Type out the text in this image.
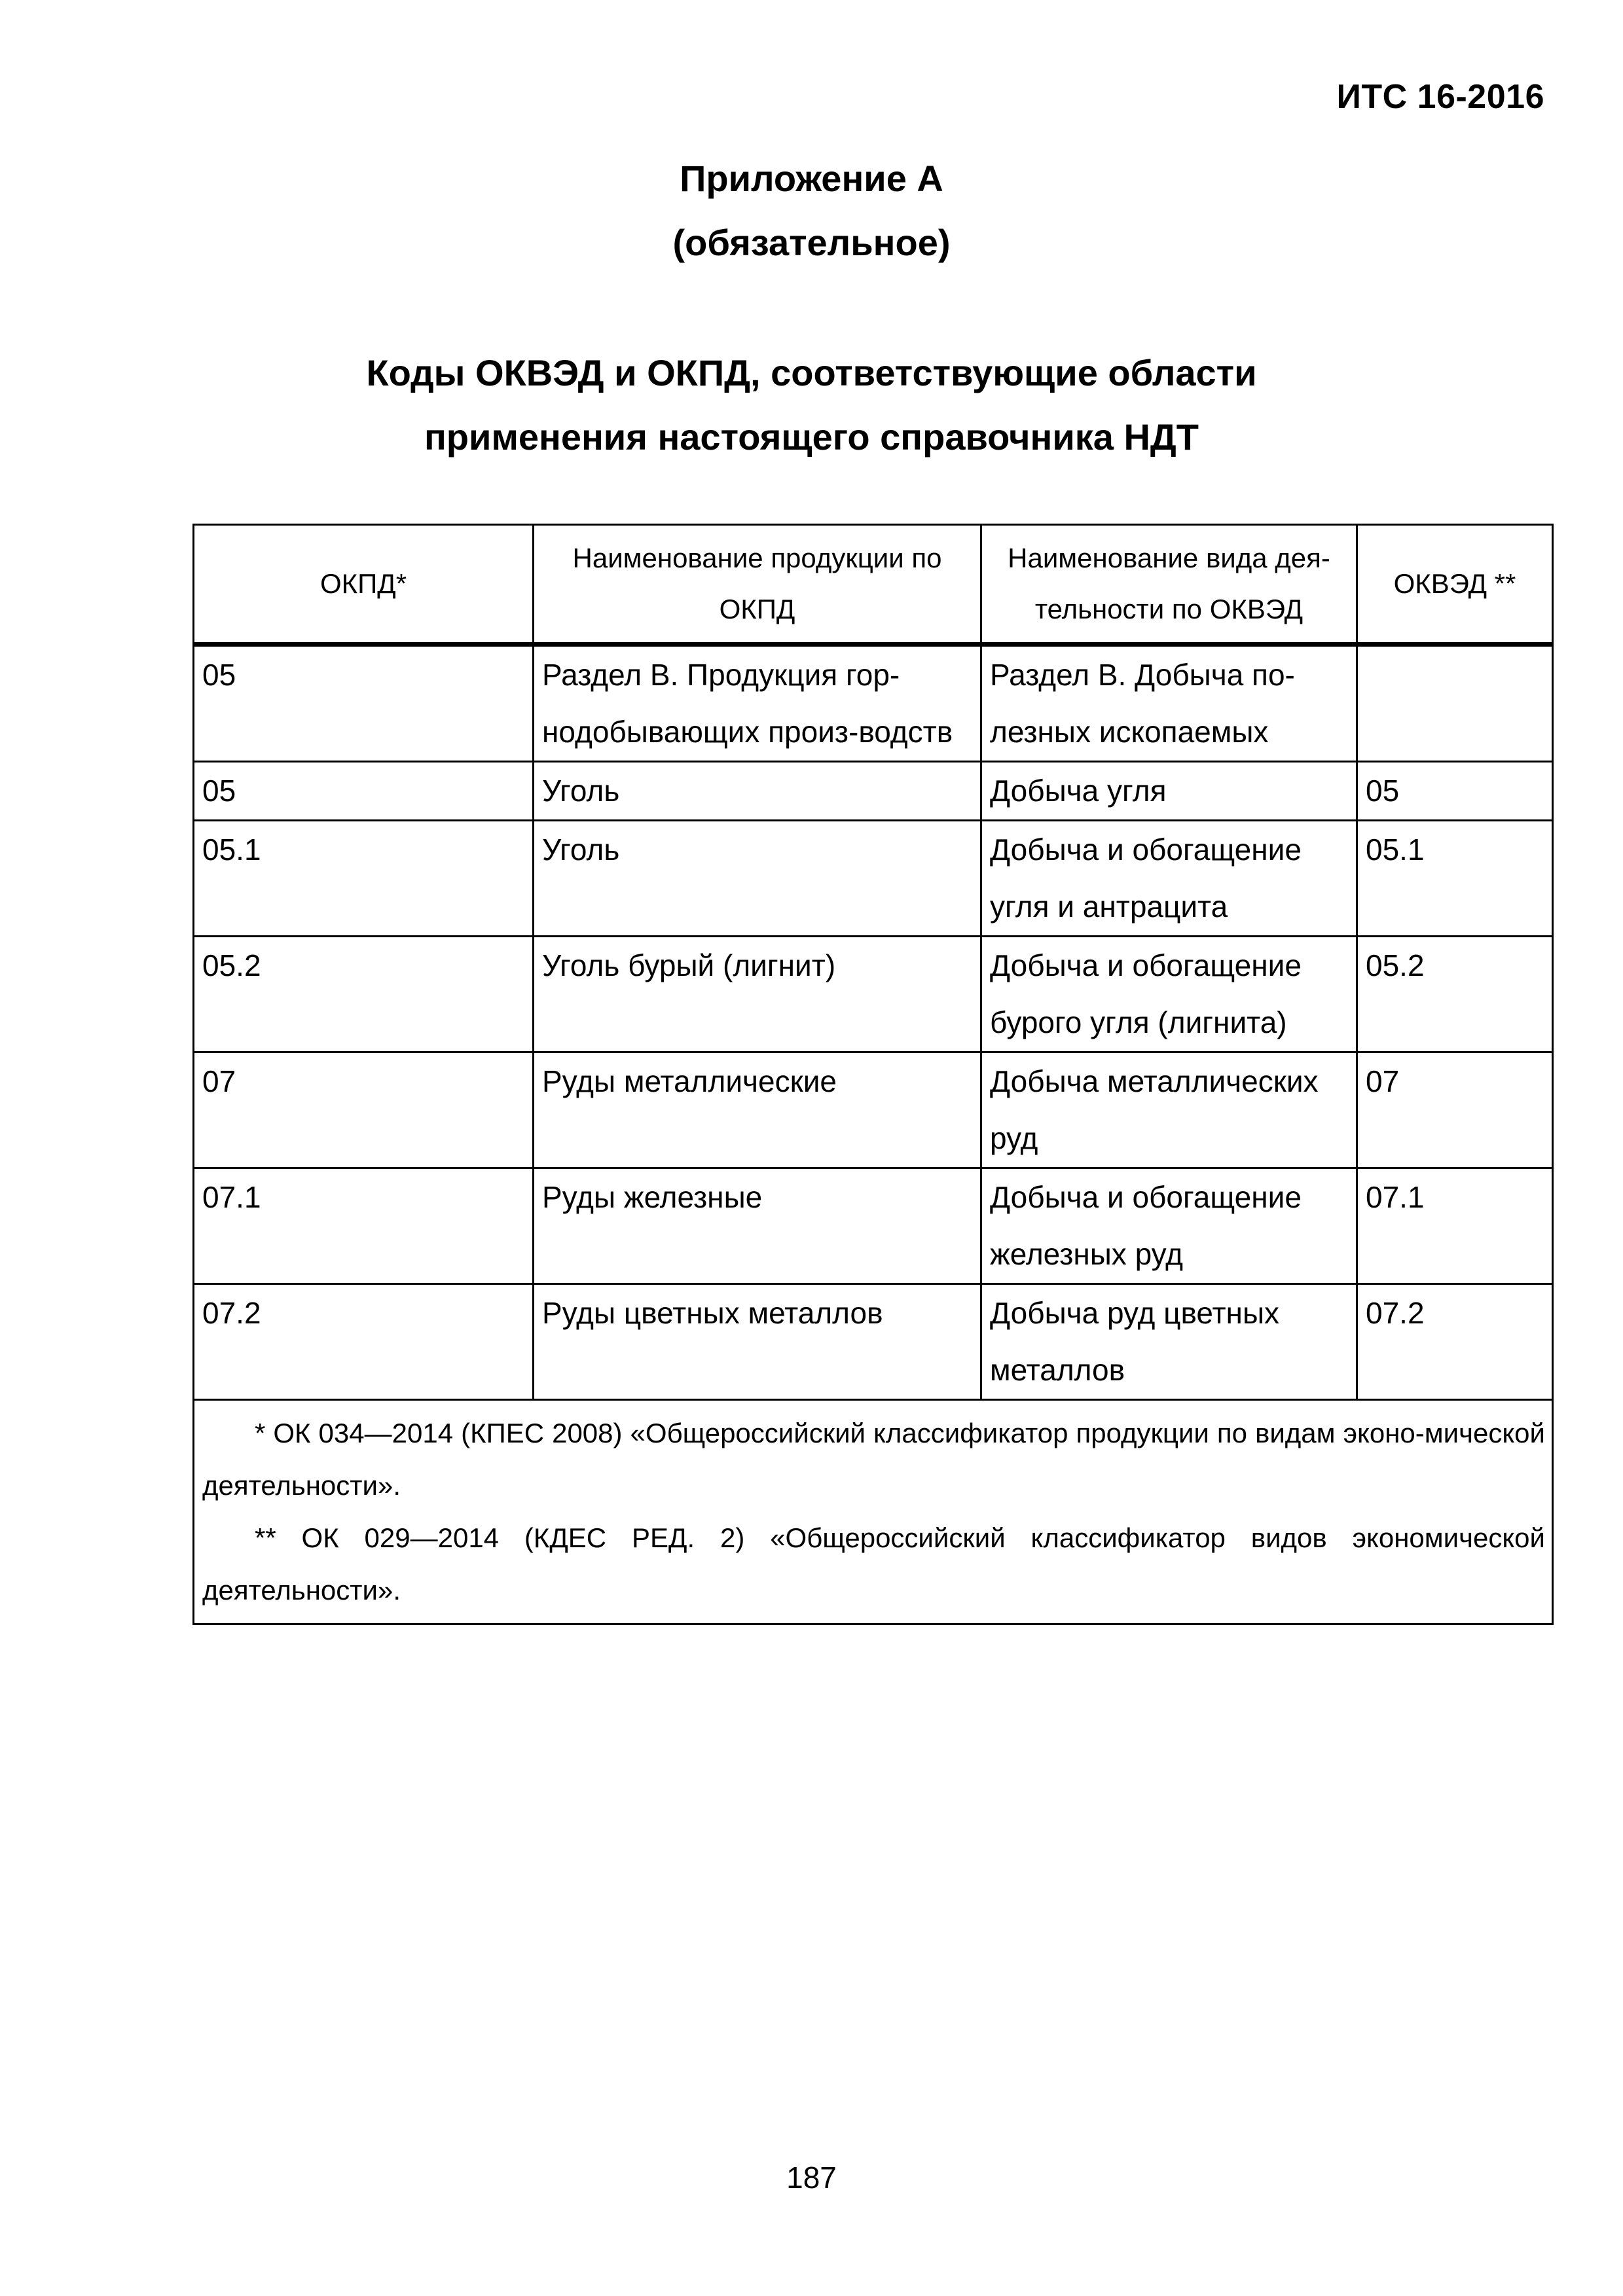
ИТС 16-2016
Приложение А
(обязательное)
Коды ОКВЭД и ОКПД, соответствующие области
применения настоящего справочника НДТ
ОКПД*	Наименование продукции по ОКПД	Наименование вида дея-тельности по ОКВЭД	ОКВЭД **
05	Раздел В. Продукция гор-нодобывающих произ-водств	Раздел В. Добыча по-лезных ископаемых	
05	Уголь	Добыча угля	05
05.1	Уголь	Добыча и обогащение угля и антрацита	05.1
05.2	Уголь бурый (лигнит)	Добыча и обогащение бурого угля (лигнита)	05.2
07	Руды металлические	Добыча металлических руд	07
07.1	Руды железные	Добыча и обогащение железных руд	07.1
07.2	Руды цветных металлов	Добыча руд цветных металлов	07.2

* ОК 034—2014 (КПЕС 2008) «Общероссийский классификатор продукции по видам эконо-мической деятельности».
** ОК 029—2014 (КДЕС РЕД. 2) «Общероссийский классификатор видов экономической деятельности».			
187
